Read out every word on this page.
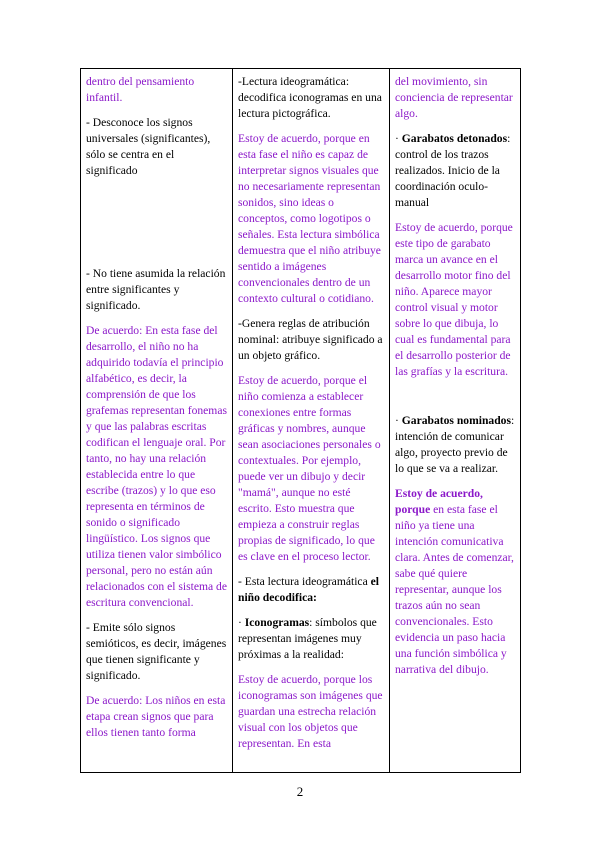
dentro del pensamiento infantil.

- Desconoce los signos universales (significantes), sólo se centra en el significado

- No tiene asumida la relación entre significantes y significado.

De acuerdo: En esta fase del desarrollo, el niño no ha adquirido todavía el principio alfabético, es decir, la comprensión de que los grafemas representan fonemas y que las palabras escritas codifican el lenguaje oral. Por tanto, no hay una relación establecida entre lo que escribe (trazos) y lo que eso representa en términos de sonido o significado lingüístico. Los signos que utiliza tienen valor simbólico personal, pero no están aún relacionados con el sistema de escritura convencional.

- Emite sólo signos semióticos, es decir, imágenes que tienen significante y significado.

De acuerdo: Los niños en esta etapa crean signos que para ellos tienen tanto forma

-Lectura ideogramática: decodifica iconogramas en una lectura pictográfica.

Estoy de acuerdo, porque en esta fase el niño es capaz de interpretar signos visuales que no necesariamente representan sonidos, sino ideas o conceptos, como logotipos o señales. Esta lectura simbólica demuestra que el niño atribuye sentido a imágenes convencionales dentro de un contexto cultural o cotidiano.

-Genera reglas de atribución nominal: atribuye significado a un objeto gráfico.

Estoy de acuerdo, porque el niño comienza a establecer conexiones entre formas gráficas y nombres, aunque sean asociaciones personales o contextuales. Por ejemplo, puede ver un dibujo y decir "mamá", aunque no esté escrito. Esto muestra que empieza a construir reglas propias de significado, lo que es clave en el proceso lector.

- Esta lectura ideogramática el niño decodifica:

· Iconogramas: símbolos que representan imágenes muy próximas a la realidad:

Estoy de acuerdo, porque los iconogramas son imágenes que guardan una estrecha relación visual con los objetos que representan. En esta

del movimiento, sin conciencia de representar algo.

· Garabatos detonados: control de los trazos realizados. Inicio de la coordinación oculo-manual

Estoy de acuerdo, porque este tipo de garabato marca un avance en el desarrollo motor fino del niño. Aparece mayor control visual y motor sobre lo que dibuja, lo cual es fundamental para el desarrollo posterior de las grafías y la escritura.

· Garabatos nominados: intención de comunicar algo, proyecto previo de lo que se va a realizar.

Estoy de acuerdo, porque en esta fase el niño ya tiene una intención comunicativa clara. Antes de comenzar, sabe qué quiere representar, aunque los trazos aún no sean convencionales. Esto evidencia un paso hacia una función simbólica y narrativa del dibujo.

2
